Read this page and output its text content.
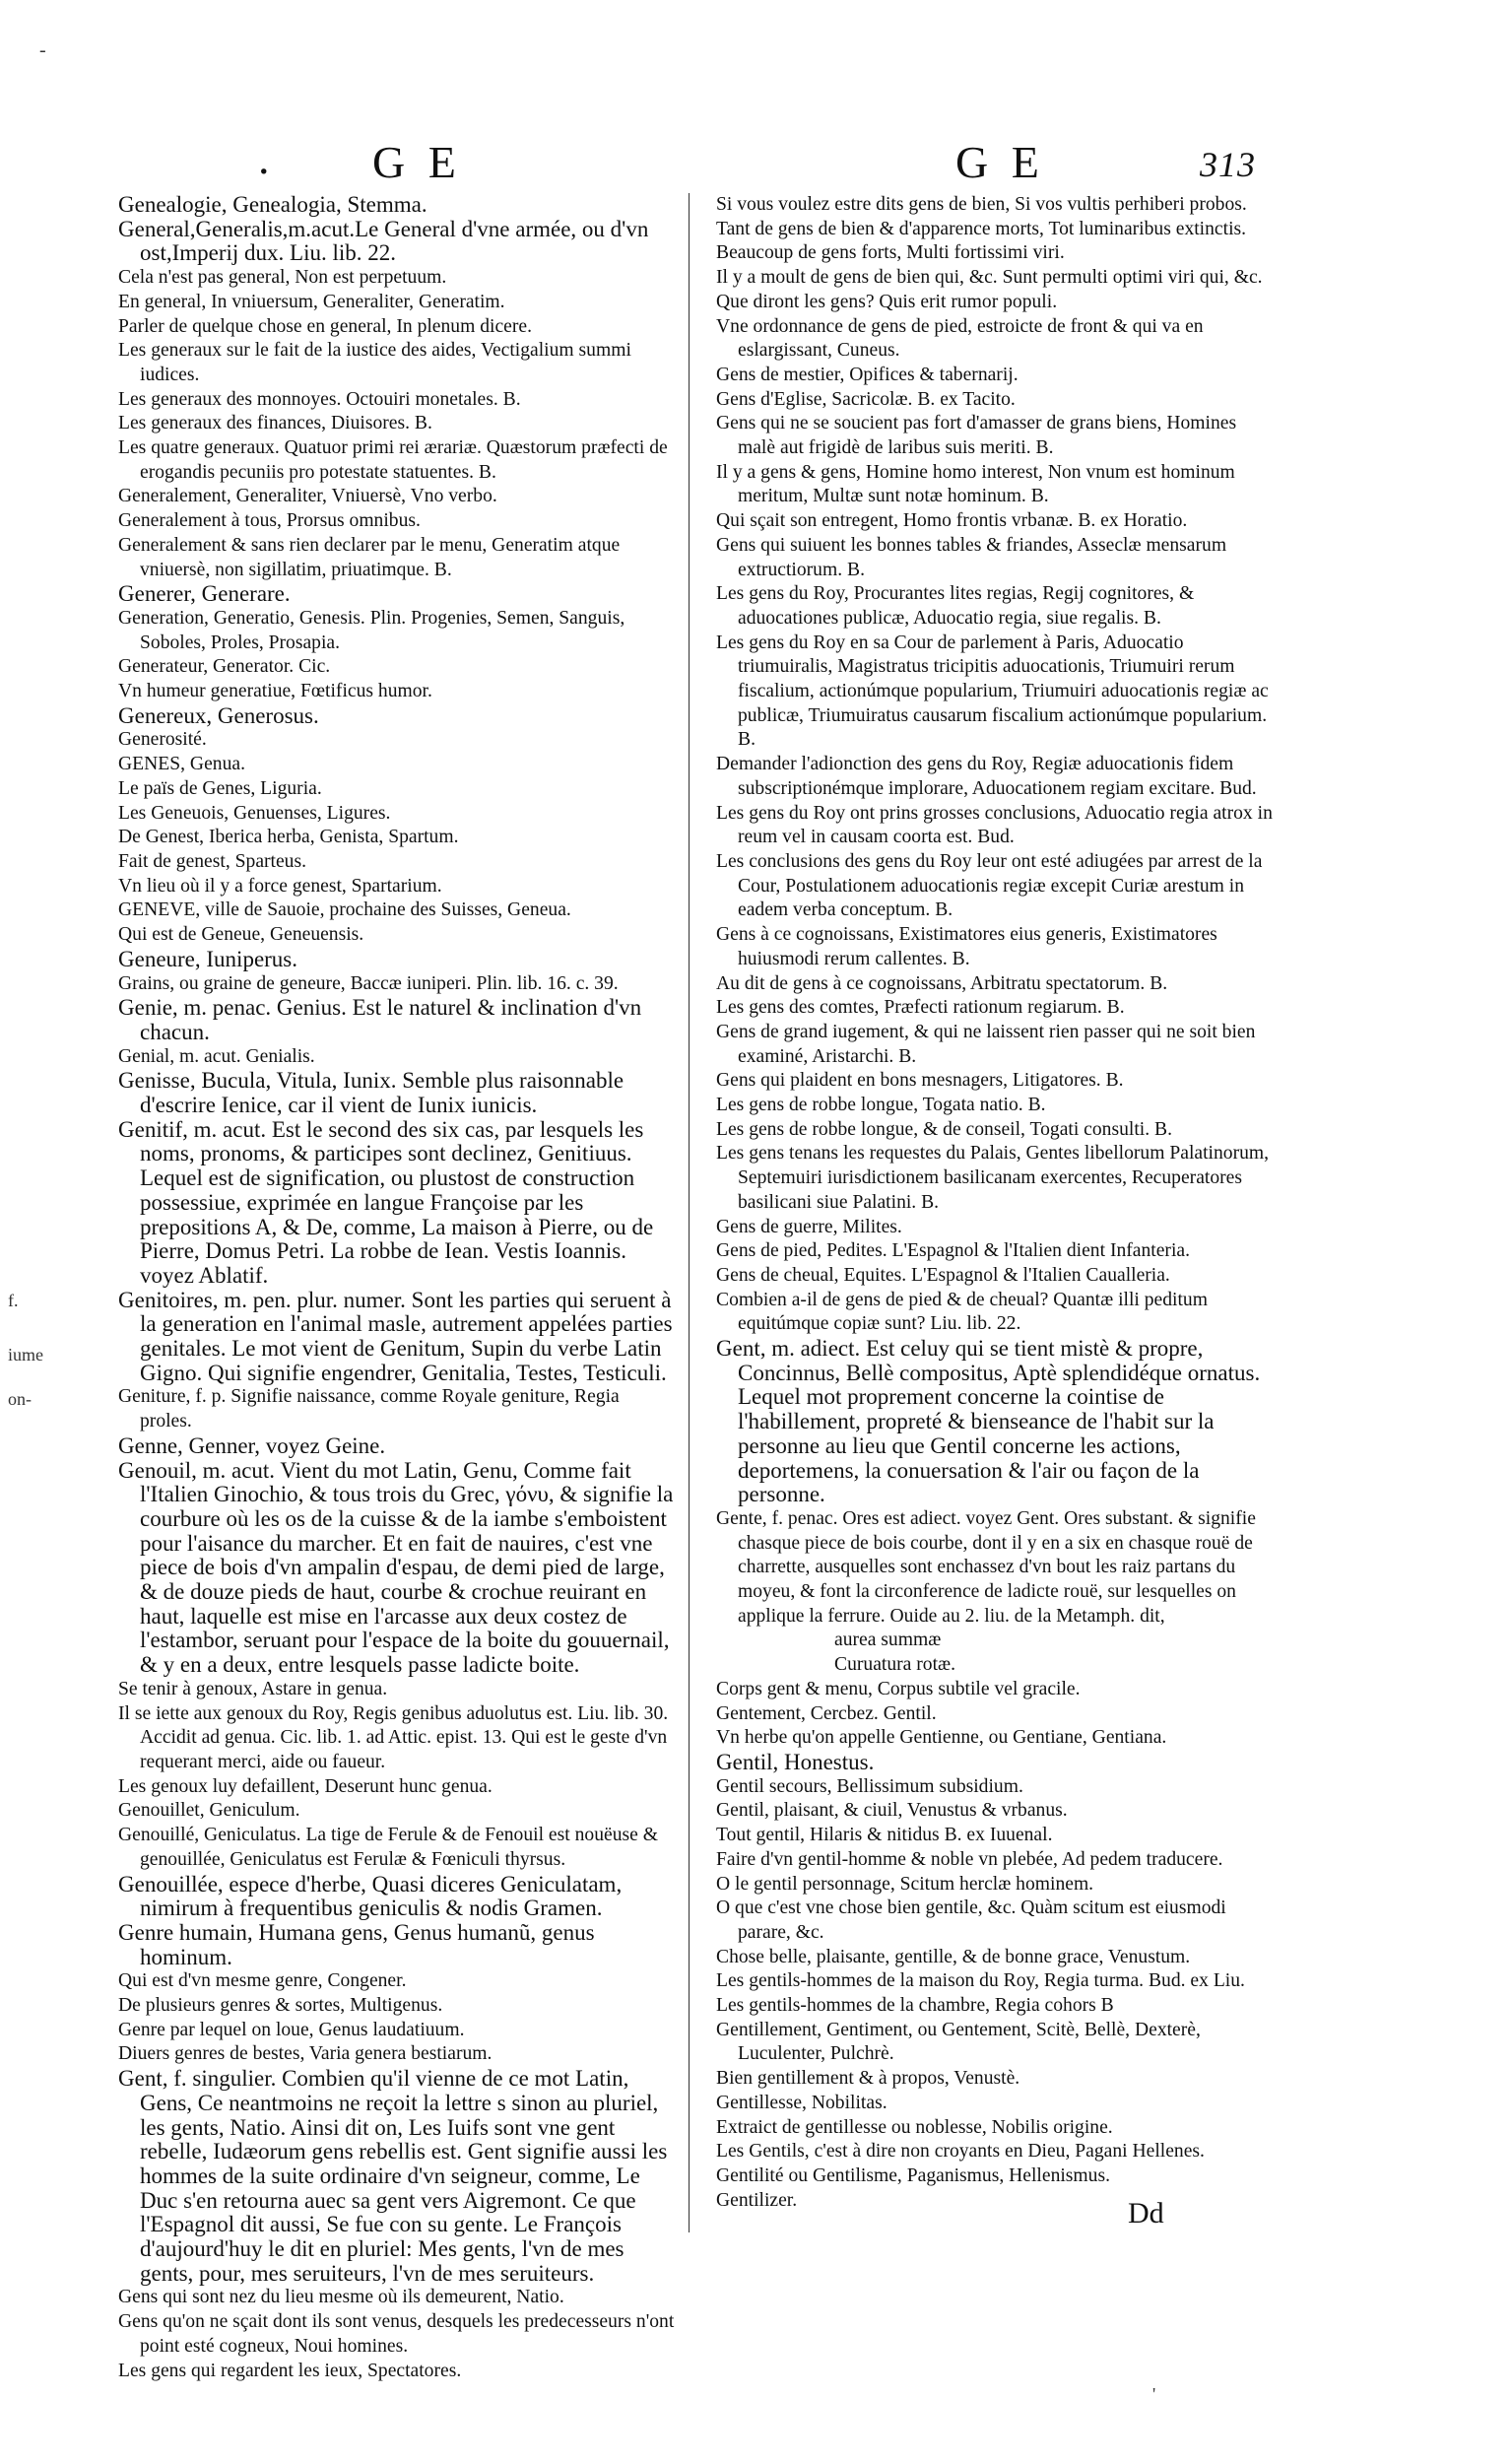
-
. G E	G E	313
f.
iume
on-

Genealogie, Genealogia, Stemma.

General,Generalis,m.acut.Le General d'vne armée, ou d'vn ost,Imperij dux. Liu. lib. 22.

Cela n'est pas general, Non est perpetuum.

En general, In vniuersum, Generaliter, Generatim.

Parler de quelque chose en general, In plenum dicere.

Les generaux sur le fait de la iustice des aides, Vectigalium summi iudices.

Les generaux des monnoyes. Octouiri monetales. B.

Les generaux des finances, Diuisores. B.

Les quatre generaux. Quatuor primi rei ærariæ. Quæstorum præfecti de erogandis pecuniis pro potestate statuentes. B.

Generalement, Generaliter, Vniuersè, Vno verbo.

Generalement à tous, Prorsus omnibus.

Generalement & sans rien declarer par le menu, Generatim atque vniuersè, non sigillatim, priuatimque. B.

Generer, Generare.

Generation, Generatio, Genesis. Plin. Progenies, Semen, Sanguis, Soboles, Proles, Prosapia.

Generateur, Generator. Cic.

Vn humeur generatiue, Fœtificus humor.

Genereux, Generosus.

Generosité.

GENES, Genua.

Le païs de Genes, Liguria.

Les Geneuois, Genuenses, Ligures.

De Genest, Iberica herba, Genista, Spartum.

Fait de genest, Sparteus.

Vn lieu où il y a force genest, Spartarium.

GENEVE, ville de Sauoie, prochaine des Suisses, Geneua.

Qui est de Geneue, Geneuensis.

Geneure, Iuniperus.

Grains, ou graine de geneure, Baccæ iuniperi. Plin. lib. 16. c. 39.

Genie, m. penac. Genius. Est le naturel & inclination d'vn chacun.

Genial, m. acut. Genialis.

Genisse, Bucula, Vitula, Iunix. Semble plus raisonnable d'escrire Ienice, car il vient de Iunix iunicis.

Genitif, m. acut. Est le second des six cas, par lesquels les noms, pronoms, & participes sont declinez, Genitiuus. Lequel est de signification, ou plustost de construction possessiue, exprimée en langue Françoise par les prepositions A, & De, comme, La maison à Pierre, ou de Pierre, Domus Petri. La robbe de Iean. Vestis Ioannis. voyez Ablatif.

Genitoires, m. pen. plur. numer. Sont les parties qui seruent à la generation en l'animal masle, autrement appelées parties genitales. Le mot vient de Genitum, Supin du verbe Latin Gigno. Qui signifie engendrer, Genitalia, Testes, Testiculi.

Geniture, f. p. Signifie naissance, comme Royale geniture, Regia proles.

Genne, Genner, voyez Geine.

Genouil, m. acut. Vient du mot Latin, Genu, Comme fait l'Italien Ginochio, & tous trois du Grec, γόνυ, & signifie la courbure où les os de la cuisse & de la iambe s'emboistent pour l'aisance du marcher. Et en fait de nauires, c'est vne piece de bois d'vn ampalin d'espau, de demi pied de large, & de douze pieds de haut, courbe & crochue reuirant en haut, laquelle est mise en l'arcasse aux deux costez de l'estambor, seruant pour l'espace de la boite du gouuernail, & y en a deux, entre lesquels passe ladicte boite.

Se tenir à genoux, Astare in genua.

Il se iette aux genoux du Roy, Regis genibus aduolutus est. Liu. lib. 30. Accidit ad genua. Cic. lib. 1. ad Attic. epist. 13. Qui est le geste d'vn requerant merci, aide ou faueur.

Les genoux luy defaillent, Deserunt hunc genua.

Genouillet, Geniculum.

Genouillé, Geniculatus. La tige de Ferule & de Fenouil est nouëuse & genouillée, Geniculatus est Ferulæ & Fœniculi thyrsus.

Genouillée, espece d'herbe, Quasi diceres Geniculatam, nimirum à frequentibus geniculis & nodis Gramen.

Genre humain, Humana gens, Genus humanũ, genus hominum.

Qui est d'vn mesme genre, Congener.

De plusieurs genres & sortes, Multigenus.

Genre par lequel on loue, Genus laudatiuum.

Diuers genres de bestes, Varia genera bestiarum.

Gent, f. singulier. Combien qu'il vienne de ce mot Latin, Gens, Ce neantmoins ne reçoit la lettre s sinon au pluriel, les gents, Natio. Ainsi dit on, Les Iuifs sont vne gent rebelle, Iudæorum gens rebellis est. Gent signifie aussi les hommes de la suite ordinaire d'vn seigneur, comme, Le Duc s'en retourna auec sa gent vers Aigremont. Ce que l'Espagnol dit aussi, Se fue con su gente. Le François d'aujourd'huy le dit en pluriel: Mes gents, l'vn de mes gents, pour, mes seruiteurs, l'vn de mes seruiteurs.

Gens qui sont nez du lieu mesme où ils demeurent, Natio.

Gens qu'on ne sçait dont ils sont venus, desquels les predecesseurs n'ont point esté cogneux, Noui homines.

Les gens qui regardent les ieux, Spectatores.

Si vous voulez estre dits gens de bien, Si vos vultis perhiberi probos.

Tant de gens de bien & d'apparence morts, Tot luminaribus extinctis.

Beaucoup de gens forts, Multi fortissimi viri.

Il y a moult de gens de bien qui, &c. Sunt permulti optimi viri qui, &c.

Que diront les gens? Quis erit rumor populi.

Vne ordonnance de gens de pied, estroicte de front & qui va en eslargissant, Cuneus.

Gens de mestier, Opifices & tabernarij.

Gens d'Eglise, Sacricolæ. B. ex Tacito.

Gens qui ne se soucient pas fort d'amasser de grans biens, Homines malè aut frigidè de laribus suis meriti. B.

Il y a gens & gens, Homine homo interest, Non vnum est hominum meritum, Multæ sunt notæ hominum. B.

Qui sçait son entregent, Homo frontis vrbanæ. B. ex Horatio.

Gens qui suiuent les bonnes tables & friandes, Asseclæ mensarum extructiorum. B.

Les gens du Roy, Procurantes lites regias, Regij cognitores, & aduocationes publicæ, Aduocatio regia, siue regalis. B.

Les gens du Roy en sa Cour de parlement à Paris, Aduocatio triumuiralis, Magistratus tricipitis aduocationis, Triumuiri rerum fiscalium, actionúmque popularium, Triumuiri aduocationis regiæ ac publicæ, Triumuiratus causarum fiscalium actionúmque popularium. B.

Demander l'adionction des gens du Roy, Regiæ aduocationis fidem subscriptionémque implorare, Aduocationem regiam excitare. Bud.

Les gens du Roy ont prins grosses conclusions, Aduocatio regia atrox in reum vel in causam coorta est. Bud.

Les conclusions des gens du Roy leur ont esté adiugées par arrest de la Cour, Postulationem aduocationis regiæ excepit Curiæ arestum in eadem verba conceptum. B.

Gens à ce cognoissans, Existimatores eius generis, Existimatores huiusmodi rerum callentes. B.

Au dit de gens à ce cognoissans, Arbitratu spectatorum. B.

Les gens des comtes, Præfecti rationum regiarum. B.

Gens de grand iugement, & qui ne laissent rien passer qui ne soit bien examiné, Aristarchi. B.

Gens qui plaident en bons mesnagers, Litigatores. B.

Les gens de robbe longue, Togata natio. B.

Les gens de robbe longue, & de conseil, Togati consulti. B.

Les gens tenans les requestes du Palais, Gentes libellorum Palatinorum, Septemuiri iurisdictionem basilicanam exercentes, Recuperatores basilicani siue Palatini. B.

Gens de guerre, Milites.

Gens de pied, Pedites. L'Espagnol & l'Italien dient Infanteria.

Gens de cheual, Equites. L'Espagnol & l'Italien Caualleria.

Combien a-il de gens de pied & de cheual? Quantæ illi peditum equitúmque copiæ sunt? Liu. lib. 22.

Gent, m. adiect. Est celuy qui se tient mistè & propre, Concinnus, Bellè compositus, Aptè splendidéque ornatus. Lequel mot proprement concerne la cointise de l'habillement, propreté & bienseance de l'habit sur la personne au lieu que Gentil concerne les actions, deportemens, la conuersation & l'air ou façon de la personne.

Gente, f. penac. Ores est adiect. voyez Gent. Ores substant. & signifie chasque piece de bois courbe, dont il y en a six en chasque rouë de charrette, ausquelles sont enchassez d'vn bout les raiz partans du moyeu, & font la circonference de ladicte rouë, sur lesquelles on applique la ferrure. Ouide au 2. liu. de la Metamph. dit,

aurea summæ

Curuatura rotæ.

Corps gent & menu, Corpus subtile vel gracile.

Gentement, Cercbez. Gentil.

Vn herbe qu'on appelle Gentienne, ou Gentiane, Gentiana.

Gentil, Honestus.

Gentil secours, Bellissimum subsidium.

Gentil, plaisant, & ciuil, Venustus & vrbanus.

Tout gentil, Hilaris & nitidus B. ex Iuuenal.

Faire d'vn gentil-homme & noble vn plebée, Ad pedem traducere.

O le gentil personnage, Scitum herclæ hominem.

O que c'est vne chose bien gentile, &c. Quàm scitum est eiusmodi parare, &c.

Chose belle, plaisante, gentille, & de bonne grace, Venustum.

Les gentils-hommes de la maison du Roy, Regia turma. Bud. ex Liu.

Les gentils-hommes de la chambre, Regia cohors B

Gentillement, Gentiment, ou Gentement, Scitè, Bellè, Dexterè, Luculenter, Pulchrè.

Bien gentillement & à propos, Venustè.

Gentillesse, Nobilitas.

Extraict de gentillesse ou noblesse, Nobilis origine.

Les Gentils, c'est à dire non croyants en Dieu, Pagani Hellenes.

Gentilité ou Gentilisme, Paganismus, Hellenismus.

Gentilizer.	Dd
'
